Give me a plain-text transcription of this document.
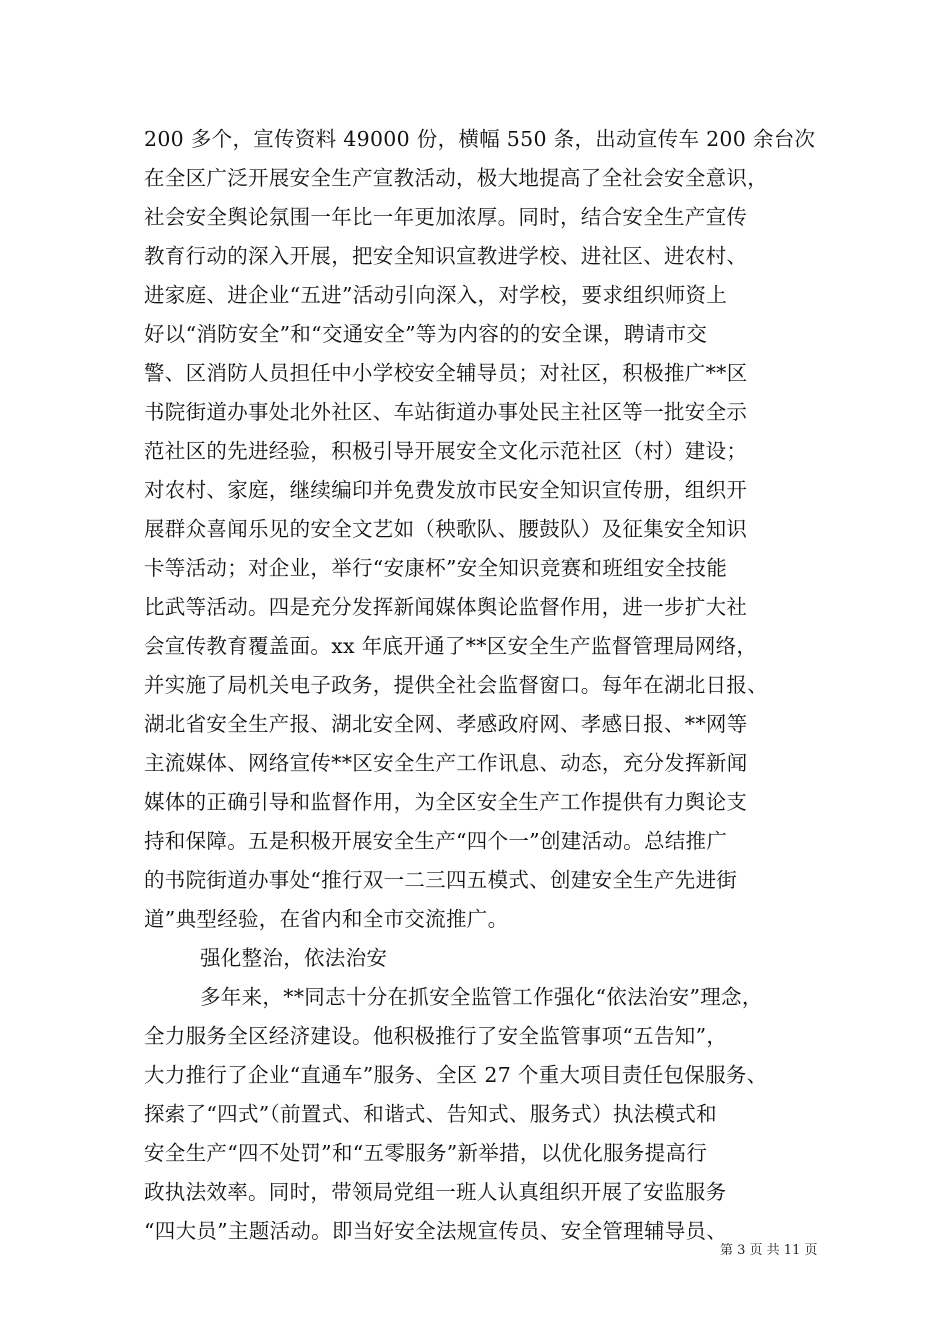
200 多个，宣传资料 49000 份，横幅 550 条，出动宣传车 200 余台次
在全区广泛开展安全生产宣教活动，极大地提高了全社会安全意识，
社会安全舆论氛围一年比一年更加浓厚。同时，结合安全生产宣传
教育行动的深入开展，把安全知识宣教进学校、进社区、进农村、
进家庭、进企业“五进”活动引向深入，对学校，要求组织师资上
好以“消防安全”和“交通安全”等为内容的的安全课，聘请市交
警、区消防人员担任中小学校安全辅导员；对社区，积极推广**区
书院街道办事处北外社区、车站街道办事处民主社区等一批安全示
范社区的先进经验，积极引导开展安全文化示范社区（村）建设；
对农村、家庭，继续编印并免费发放市民安全知识宣传册，组织开
展群众喜闻乐见的安全文艺如（秧歌队、腰鼓队）及征集安全知识
卡等活动；对企业，举行“安康杯”安全知识竞赛和班组安全技能
比武等活动。四是充分发挥新闻媒体舆论监督作用，进一步扩大社
会宣传教育覆盖面。xx 年底开通了**区安全生产监督管理局网络，
并实施了局机关电子政务，提供全社会监督窗口。每年在湖北日报、
湖北省安全生产报、湖北安全网、孝感政府网、孝感日报、**网等
主流媒体、网络宣传**区安全生产工作讯息、动态，充分发挥新闻
媒体的正确引导和监督作用，为全区安全生产工作提供有力舆论支
持和保障。五是积极开展安全生产“四个一”创建活动。总结推广
的书院街道办事处“推行双一二三四五模式、创建安全生产先进街
道”典型经验，在省内和全市交流推广。
强化整治，依法治安
多年来，**同志十分在抓安全监管工作强化“依法治安”理念，
全力服务全区经济建设。他积极推行了安全监管事项“五告知”，
大力推行了企业“直通车”服务、全区 27 个重大项目责任包保服务、
探索了“四式”（前置式、和谐式、告知式、服务式）执法模式和
安全生产“四不处罚”和“五零服务”新举措，以优化服务提高行
政执法效率。同时，带领局党组一班人认真组织开展了安监服务
“四大员”主题活动。即当好安全法规宣传员、安全管理辅导员、
第 3 页 共 11 页
